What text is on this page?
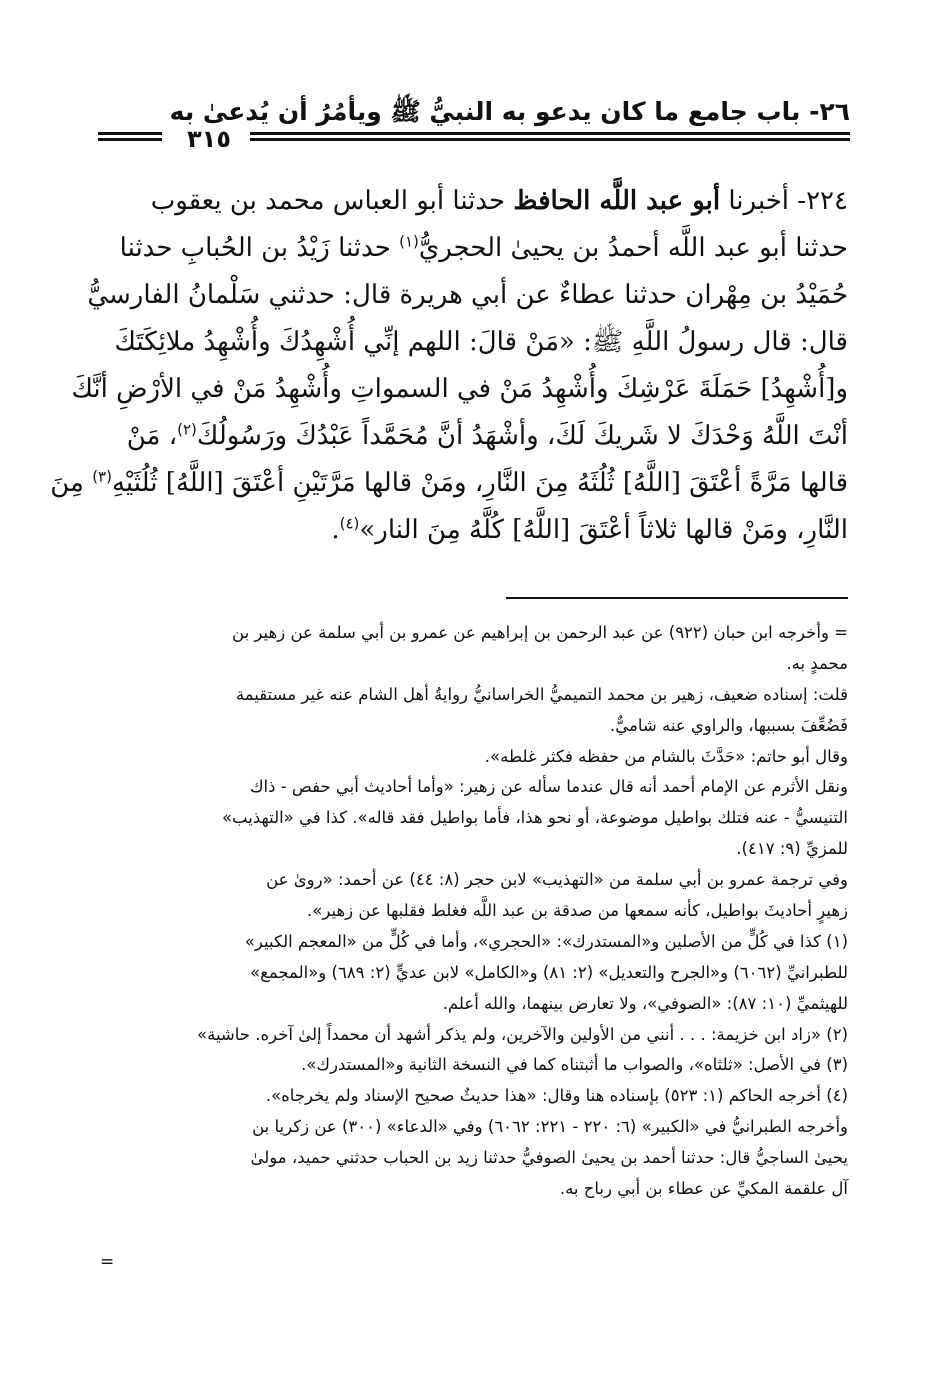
٢٦- باب جامع ما كان يدعو به النبيُّ ﷺ ويأمُرُ أن يُدعىٰ به
٣١٥
٢٢٤- أخبرنا أبو عبد اللَّه الحافظ حدثنا أبو العباس محمد بن يعقوب
حدثنا أبو عبد اللَّه أحمدُ بن يحيىٰ الحجريُّ$^{(١)}$ حدثنا زَيْدُ بن الحُبابِ حدثنا
حُمَيْدُ بن مِهْران حدثنا عطاءٌ عن أبي هريرة قال: حدثني سَلْمانُ الفارسيُّ
قال: قال رسولُ اللَّهِ ﷺ: «مَنْ قالَ: اللهم إنِّي أُشْهِدُكَ وأُشْهِدُ ملائِكَتَكَ
و[أُشْهِدُ] حَمَلَةَ عَرْشِكَ وأُشْهِدُ مَنْ في السمواتِ وأُشْهِدُ مَنْ في الأرْضِ أنَّكَ
أنْتَ اللَّهُ وَحْدَكَ لا شَريكَ لَكَ، وأشْهَدُ أنَّ مُحَمَّداً عَبْدُكَ ورَسُولُكَ$^{(٢)}$، مَنْ
قالها مَرَّةً أعْتَقَ [اللَّهُ] ثُلُثَهُ مِنَ النَّارِ، ومَنْ قالها مَرَّتَيْنِ أعْتَقَ [اللَّهُ] ثُلُثَيْهِ$^{(٣)}$ مِنَ
النَّارِ، ومَنْ قالها ثلاثاً أعْتَقَ [اللَّهُ] كُلَّهُ مِنَ النار»$^{(٤)}$.
= وأخرجه ابن حبان (٩٢٢) عن عبد الرحمن بن إبراهيم عن عمرو بن أبي سلمة عن زهير بن
محمدٍ به.
قلت: إسناده ضعيف، زهير بن محمد التميميُّ الخراسانيُّ روايةُ أهل الشام عنه غير مستقيمة
فَضُعِّفَ بسببها، والراوي عنه شاميٌّ.
وقال أبو حاتم: «حَدَّثَ بالشام من حفظه فكثر غلطه».
ونقل الأثرم عن الإمام أحمد أنه قال عندما سأله عن زهير: «وأما أحاديث أبي حفص - ذاك
التنيسيُّ - عنه فتلك بواطيل موضوعة، أو نحو هذا، فأما بواطيل فقد قاله». كذا في «التهذيب»
للمزيِّ (٩: ٤١٧).
وفي ترجمة عمرو بن أبي سلمة من «التهذيب» لابن حجر (٨: ٤٤) عن أحمد: «روىٰ عن
زهيرٍ أحاديثَ بواطيل، كأنه سمعها من صدقة بن عبد اللَّه فغلط فقلبها عن زهير».
(١) كذا في كُلٍّ من الأصلين و«المستدرك»: «الحجري»، وأما في كُلٍّ من «المعجم الكبير»
للطبرانيِّ (٦٠٦٢) و«الجرح والتعديل» (٢: ٨١) و«الكامل» لابن عديٍّ (٢: ٦٨٩) و«المجمع»
للهيثميِّ (١٠: ٨٧): «الصوفي»، ولا تعارض بينهما، والله أعلم.
(٢) «زاد ابن خزيمة: . . . أنني من الأولين والآخرين، ولم يذكر أشهد أن محمداً إلىٰ آخره. حاشية»
(٣) في الأصل: «ثلثاه»، والصواب ما أثبتناه كما في النسخة الثانية و«المستدرك».
(٤) أخرجه الحاكم (١: ٥٢٣) بإسناده هنا وقال: «هذا حديثٌ صحيح الإسناد ولم يخرجاه».
وأخرجه الطبرانيُّ في «الكبير» (٦: ٢٢٠ - ٢٢١: ٦٠٦٢) وفي «الدعاء» (٣٠٠) عن زكريا بن
يحيىٰ الساجيُّ قال: حدثنا أحمد بن يحيىٰ الصوفيُّ حدثنا زيد بن الحباب حدثني حميد، مولىٰ
آل علقمة المكيِّ عن عطاء بن أبي رباح به.
=
